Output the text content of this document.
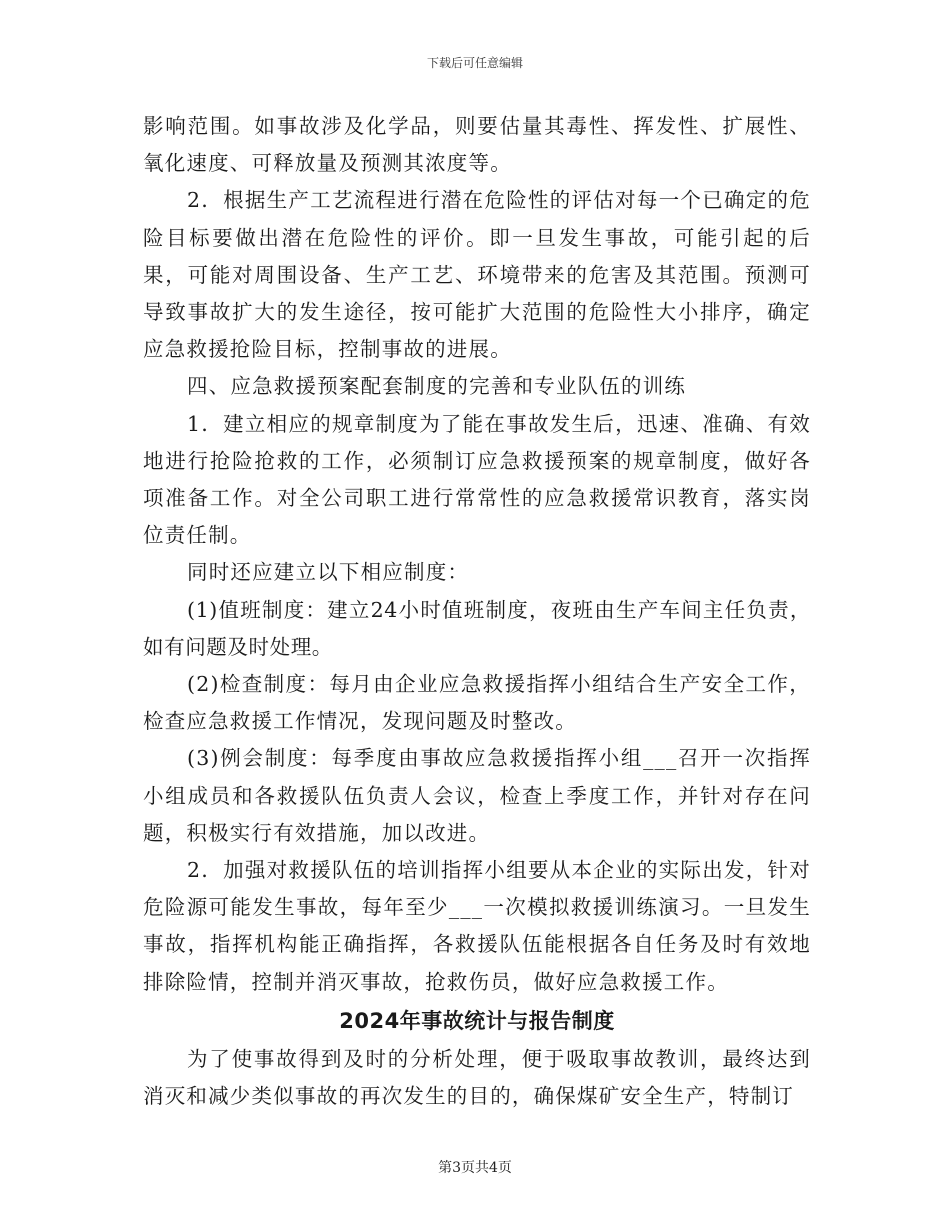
下载后可任意编辑

影响范围。如事故涉及化学品，则要估量其毒性、挥发性、扩展性、氧化速度、可释放量及预测其浓度等。

2．根据生产工艺流程进行潜在危险性的评估对每一个已确定的危险目标要做出潜在危险性的评价。即一旦发生事故，可能引起的后果，可能对周围设备、生产工艺、环境带来的危害及其范围。预测可导致事故扩大的发生途径，按可能扩大范围的危险性大小排序，确定应急救援抢险目标，控制事故的进展。

四、应急救援预案配套制度的完善和专业队伍的训练

1．建立相应的规章制度为了能在事故发生后，迅速、准确、有效地进行抢险抢救的工作，必须制订应急救援预案的规章制度，做好各项准备工作。对全公司职工进行常常性的应急救援常识教育，落实岗位责任制。

同时还应建立以下相应制度：

(1)值班制度：建立24小时值班制度，夜班由生产车间主任负责，如有问题及时处理。

(2)检查制度：每月由企业应急救援指挥小组结合生产安全工作，检查应急救援工作情况，发现问题及时整改。

(3)例会制度：每季度由事故应急救援指挥小组___召开一次指挥小组成员和各救援队伍负责人会议，检查上季度工作，并针对存在问题，积极实行有效措施，加以改进。

2．加强对救援队伍的培训指挥小组要从本企业的实际出发，针对危险源可能发生事故，每年至少___一次模拟救援训练演习。一旦发生事故，指挥机构能正确指挥，各救援队伍能根据各自任务及时有效地排除险情，控制并消灭事故，抢救伤员，做好应急救援工作。

2024年事故统计与报告制度

为了使事故得到及时的分析处理，便于吸取事故教训，最终达到消灭和减少类似事故的再次发生的目的，确保煤矿安全生产，特制订

第3页共4页
